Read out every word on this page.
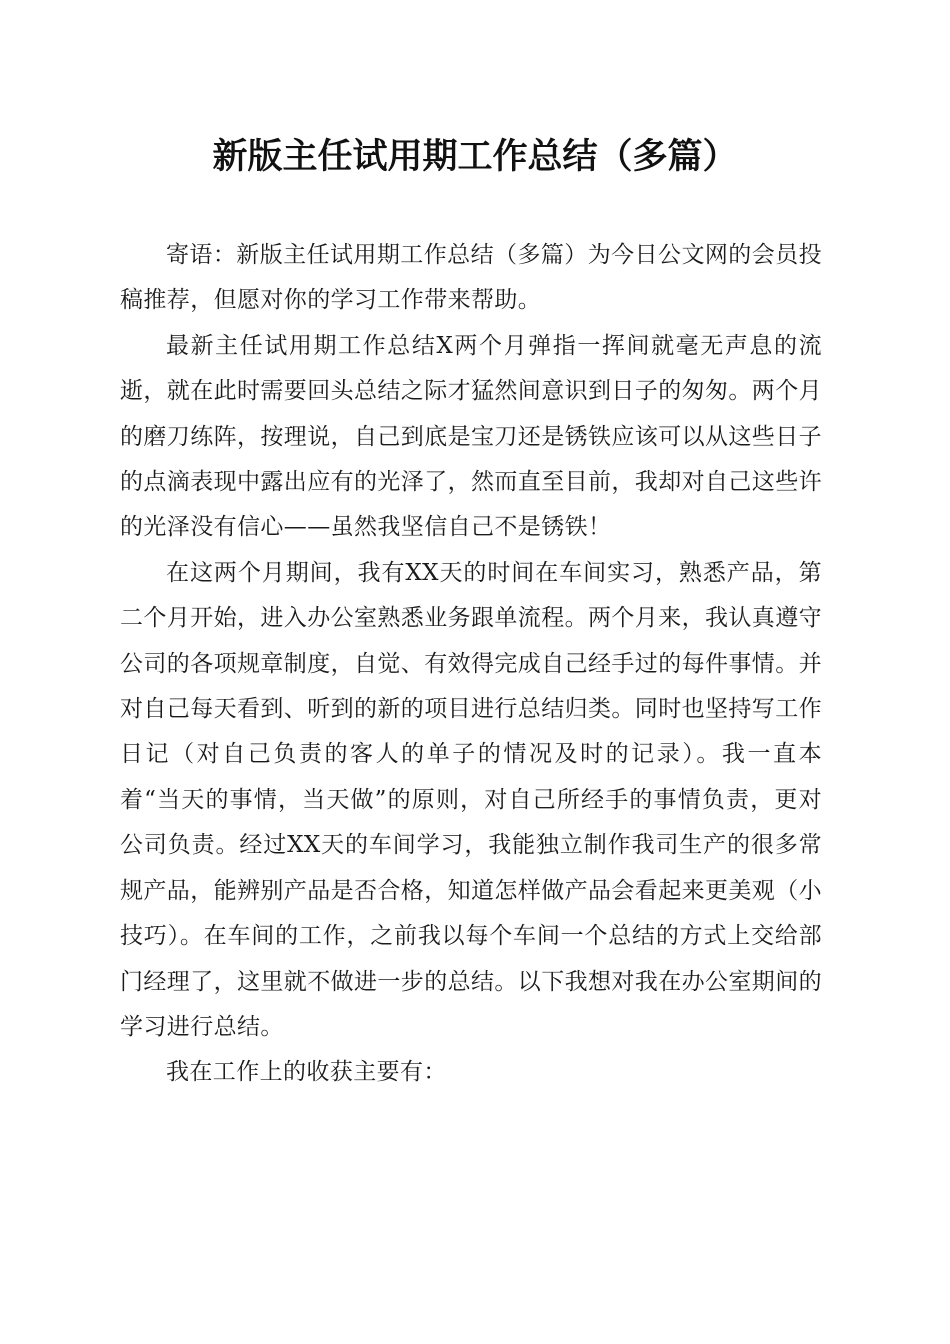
新版主任试用期工作总结（多篇）

寄语：新版主任试用期工作总结（多篇）为今日公文网的会员投稿推荐，但愿对你的学习工作带来帮助。

最新主任试用期工作总结X两个月弹指一挥间就毫无声息的流逝，就在此时需要回头总结之际才猛然间意识到日子的匆匆。两个月的磨刀练阵，按理说，自己到底是宝刀还是锈铁应该可以从这些日子的点滴表现中露出应有的光泽了，然而直至目前，我却对自己这些许的光泽没有信心——虽然我坚信自己不是锈铁！

在这两个月期间，我有XX天的时间在车间实习，熟悉产品，第二个月开始，进入办公室熟悉业务跟单流程。两个月来，我认真遵守公司的各项规章制度，自觉、有效得完成自己经手过的每件事情。并对自己每天看到、听到的新的项目进行总结归类。同时也坚持写工作日记（对自己负责的客人的单子的情况及时的记录）。我一直本着“当天的事情，当天做”的原则，对自己所经手的事情负责，更对公司负责。经过XX天的车间学习，我能独立制作我司生产的很多常规产品，能辨别产品是否合格，知道怎样做产品会看起来更美观（小技巧）。在车间的工作，之前我以每个车间一个总结的方式上交给部门经理了，这里就不做进一步的总结。以下我想对我在办公室期间的学习进行总结。

我在工作上的收获主要有：
